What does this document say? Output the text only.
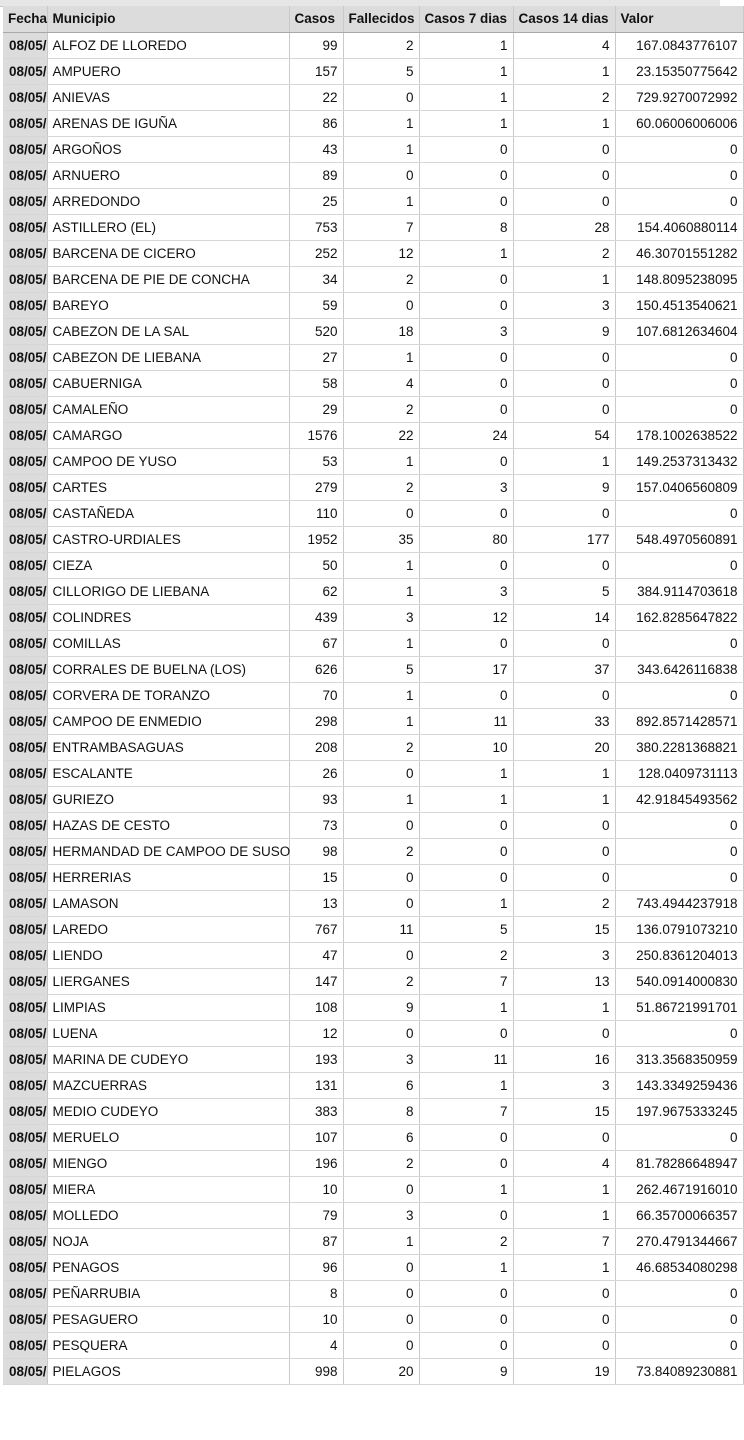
Fecha	Municipio	Casos	Fallecidos	Casos 7 dias	Casos 14 dias	Valor
08/05/	ALFOZ DE LLOREDO	99	2	1	4	167.0843776107
08/05/	AMPUERO	157	5	1	1	23.15350775642
08/05/	ANIEVAS	22	0	1	2	729.9270072992
08/05/	ARENAS DE IGUÑA	86	1	1	1	60.06006006006
08/05/	ARGOÑOS	43	1	0	0	0
08/05/	ARNUERO	89	0	0	0	0
08/05/	ARREDONDO	25	1	0	0	0
08/05/	ASTILLERO (EL)	753	7	8	28	154.4060880114
08/05/	BARCENA DE CICERO	252	12	1	2	46.30701551282
08/05/	BARCENA DE PIE DE CONCHA	34	2	0	1	148.8095238095
08/05/	BAREYO	59	0	0	3	150.4513540621
08/05/	CABEZON DE LA SAL	520	18	3	9	107.6812634604
08/05/	CABEZON DE LIEBANA	27	1	0	0	0
08/05/	CABUERNIGA	58	4	0	0	0
08/05/	CAMALEÑO	29	2	0	0	0
08/05/	CAMARGO	1576	22	24	54	178.1002638522
08/05/	CAMPOO DE YUSO	53	1	0	1	149.2537313432
08/05/	CARTES	279	2	3	9	157.0406560809
08/05/	CASTAÑEDA	110	0	0	0	0
08/05/	CASTRO-URDIALES	1952	35	80	177	548.4970560891
08/05/	CIEZA	50	1	0	0	0
08/05/	CILLORIGO DE LIEBANA	62	1	3	5	384.9114703618
08/05/	COLINDRES	439	3	12	14	162.8285647822
08/05/	COMILLAS	67	1	0	0	0
08/05/	CORRALES DE BUELNA (LOS)	626	5	17	37	343.6426116838
08/05/	CORVERA DE TORANZO	70	1	0	0	0
08/05/	CAMPOO DE ENMEDIO	298	1	11	33	892.8571428571
08/05/	ENTRAMBASAGUAS	208	2	10	20	380.2281368821
08/05/	ESCALANTE	26	0	1	1	128.0409731113
08/05/	GURIEZO	93	1	1	1	42.91845493562
08/05/	HAZAS DE CESTO	73	0	0	0	0
08/05/	HERMANDAD DE CAMPOO DE SUSO	98	2	0	0	0
08/05/	HERRERIAS	15	0	0	0	0
08/05/	LAMASON	13	0	1	2	743.4944237918
08/05/	LAREDO	767	11	5	15	136.0791073210
08/05/	LIENDO	47	0	2	3	250.8361204013
08/05/	LIERGANES	147	2	7	13	540.0914000830
08/05/	LIMPIAS	108	9	1	1	51.86721991701
08/05/	LUENA	12	0	0	0	0
08/05/	MARINA DE CUDEYO	193	3	11	16	313.3568350959
08/05/	MAZCUERRAS	131	6	1	3	143.3349259436
08/05/	MEDIO CUDEYO	383	8	7	15	197.9675333245
08/05/	MERUELO	107	6	0	0	0
08/05/	MIENGO	196	2	0	4	81.78286648947
08/05/	MIERA	10	0	1	1	262.4671916010
08/05/	MOLLEDO	79	3	0	1	66.35700066357
08/05/	NOJA	87	1	2	7	270.4791344667
08/05/	PENAGOS	96	0	1	1	46.68534080298
08/05/	PEÑARRUBIA	8	0	0	0	0
08/05/	PESAGUERO	10	0	0	0	0
08/05/	PESQUERA	4	0	0	0	0
08/05/	PIELAGOS	998	20	9	19	73.84089230881
